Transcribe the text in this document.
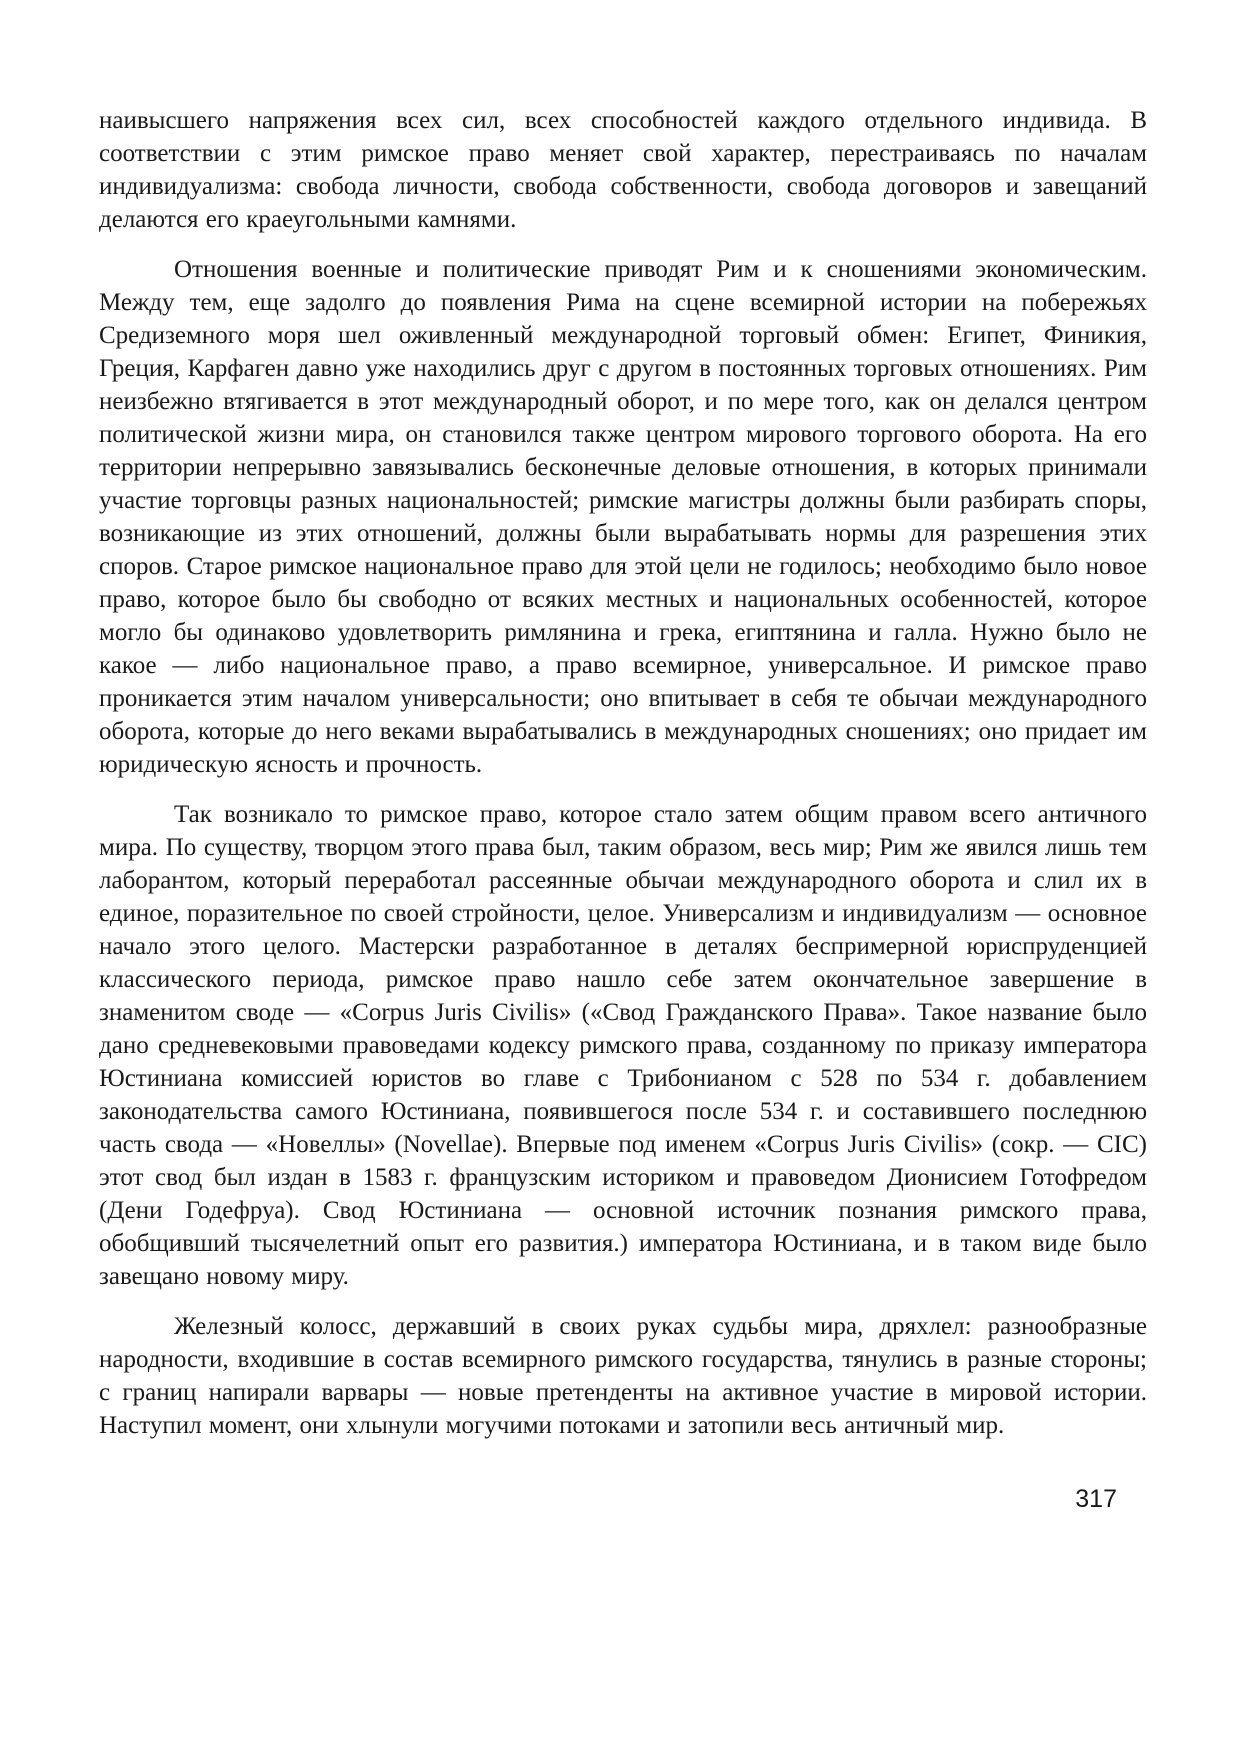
наивысшего напряжения всех сил, всех способностей каждого отдельного индивида. В соответствии с этим римское право меняет свой характер, перестраиваясь по началам индивидуализма: свобода личности, свобода собственности, свобода договоров и завещаний делаются его краеугольными камнями.

Отношения военные и политические приводят Рим и к сношениями экономическим. Между тем, еще задолго до появления Рима на сцене всемирной истории на побережьях Средиземного моря шел оживленный международной торговый обмен: Египет, Финикия, Греция, Карфаген давно уже находились друг с другом в постоянных торговых отношениях. Рим неизбежно втягивается в этот международный оборот, и по мере того, как он делался центром политической жизни мира, он становился также центром мирового торгового оборота. На его территории непрерывно завязывались бесконечные деловые отношения, в которых принимали участие торговцы разных национальностей; римские магистры должны были разбирать споры, возникающие из этих отношений, должны были вырабатывать нормы для разрешения этих споров. Старое римское национальное право для этой цели не годилось; необходимо было новое право, которое было бы свободно от всяких местных и национальных особенностей, которое могло бы одинаково удовлетворить римлянина и грека, египтянина и галла. Нужно было не какое — либо национальное право, а право всемирное, универсальное. И римское право проникается этим началом универсальности; оно впитывает в себя те обычаи международного оборота, которые до него веками вырабатывались в международных сношениях; оно придает им юридическую ясность и прочность.

Так возникало то римское право, которое стало затем общим правом всего античного мира. По существу, творцом этого права был, таким образом, весь мир; Рим же явился лишь тем лаборантом, который переработал рассеянные обычаи международного оборота и слил их в единое, поразительное по своей стройности, целое. Универсализм и индивидуализм — основное начало этого целого. Мастерски разработанное в деталях беспримерной юриспруденцией классического периода, римское право нашло себе затем окончательное завершение в знаменитом своде — «Corpus Juris Civilis» («Свод Гражданского Права». Такое название было дано средневековыми правоведами кодексу римского права, созданному по приказу императора Юстиниана комиссией юристов во главе с Трибонианом с 528 по 534 г. добавлением законодательства самого Юстиниана, появившегося после 534 г. и составившего последнюю часть свода — «Новеллы» (Novellae). Впервые под именем «Corpus Juris Civilis» (сокр. — CIC) этот свод был издан в 1583 г. французским историком и правоведом Дионисием Готофредом (Дени Годефруа). Свод Юстиниана — основной источник познания римского права, обобщивший тысячелетний опыт его развития.) императора Юстиниана, и в таком виде было завещано новому миру.

Железный колосс, державший в своих руках судьбы мира, дряхлел: разнообразные народности, входившие в состав всемирного римского государства, тянулись в разные стороны; с границ напирали варвары — новые претенденты на активное участие в мировой истории. Наступил момент, они хлынули могучими потоками и затопили весь античный мир.

317
